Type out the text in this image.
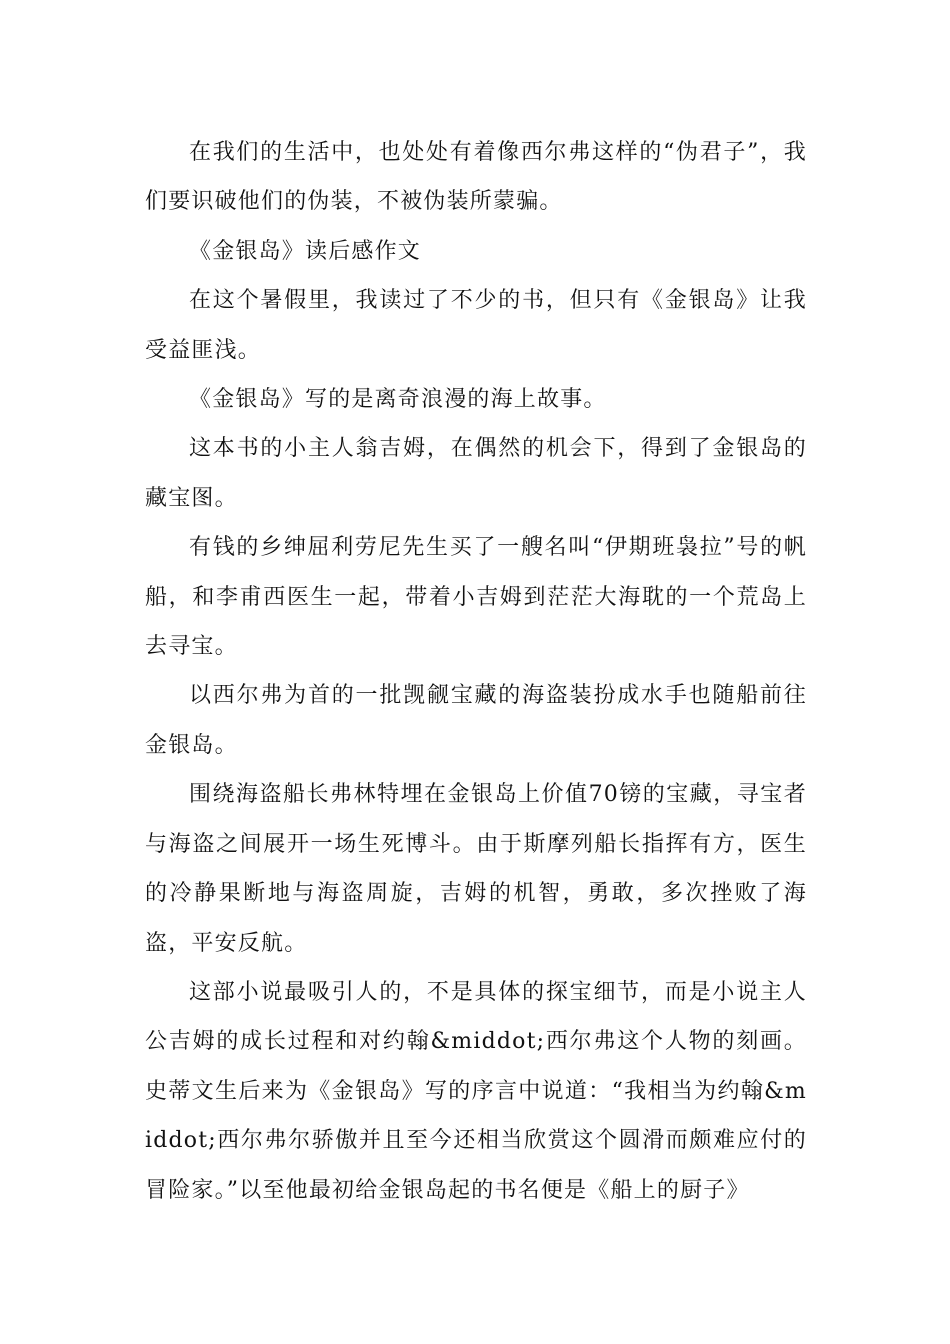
在我们的生活中，也处处有着像西尔弗这样的“伪君子”，我们要识破他们的伪装，不被伪装所蒙骗。

《金银岛》读后感作文

在这个暑假里，我读过了不少的书，但只有《金银岛》让我受益匪浅。

《金银岛》写的是离奇浪漫的海上故事。

这本书的小主人翁吉姆，在偶然的机会下，得到了金银岛的藏宝图。

有钱的乡绅屈利劳尼先生买了一艘名叫“伊期班袅拉”号的帆船，和李甫西医生一起，带着小吉姆到茫茫大海耽的一个荒岛上去寻宝。

以西尔弗为首的一批觊觎宝藏的海盗装扮成水手也随船前往金银岛。

围绕海盗船长弗林特埋在金银岛上价值70镑的宝藏，寻宝者与海盗之间展开一场生死博斗。由于斯摩列船长指挥有方，医生的冷静果断地与海盗周旋，吉姆的机智，勇敢，多次挫败了海盗，平安反航。

这部小说最吸引人的，不是具体的探宝细节，而是小说主人公吉姆的成长过程和对约翰&middot;西尔弗这个人物的刻画。史蒂文生后来为《金银岛》写的序言中说道：“我相当为约翰&middot;西尔弗尔骄傲并且至今还相当欣赏这个圆滑而颇难应付的冒险家。”以至他最初给金银岛起的书名便是《船上的厨子》
